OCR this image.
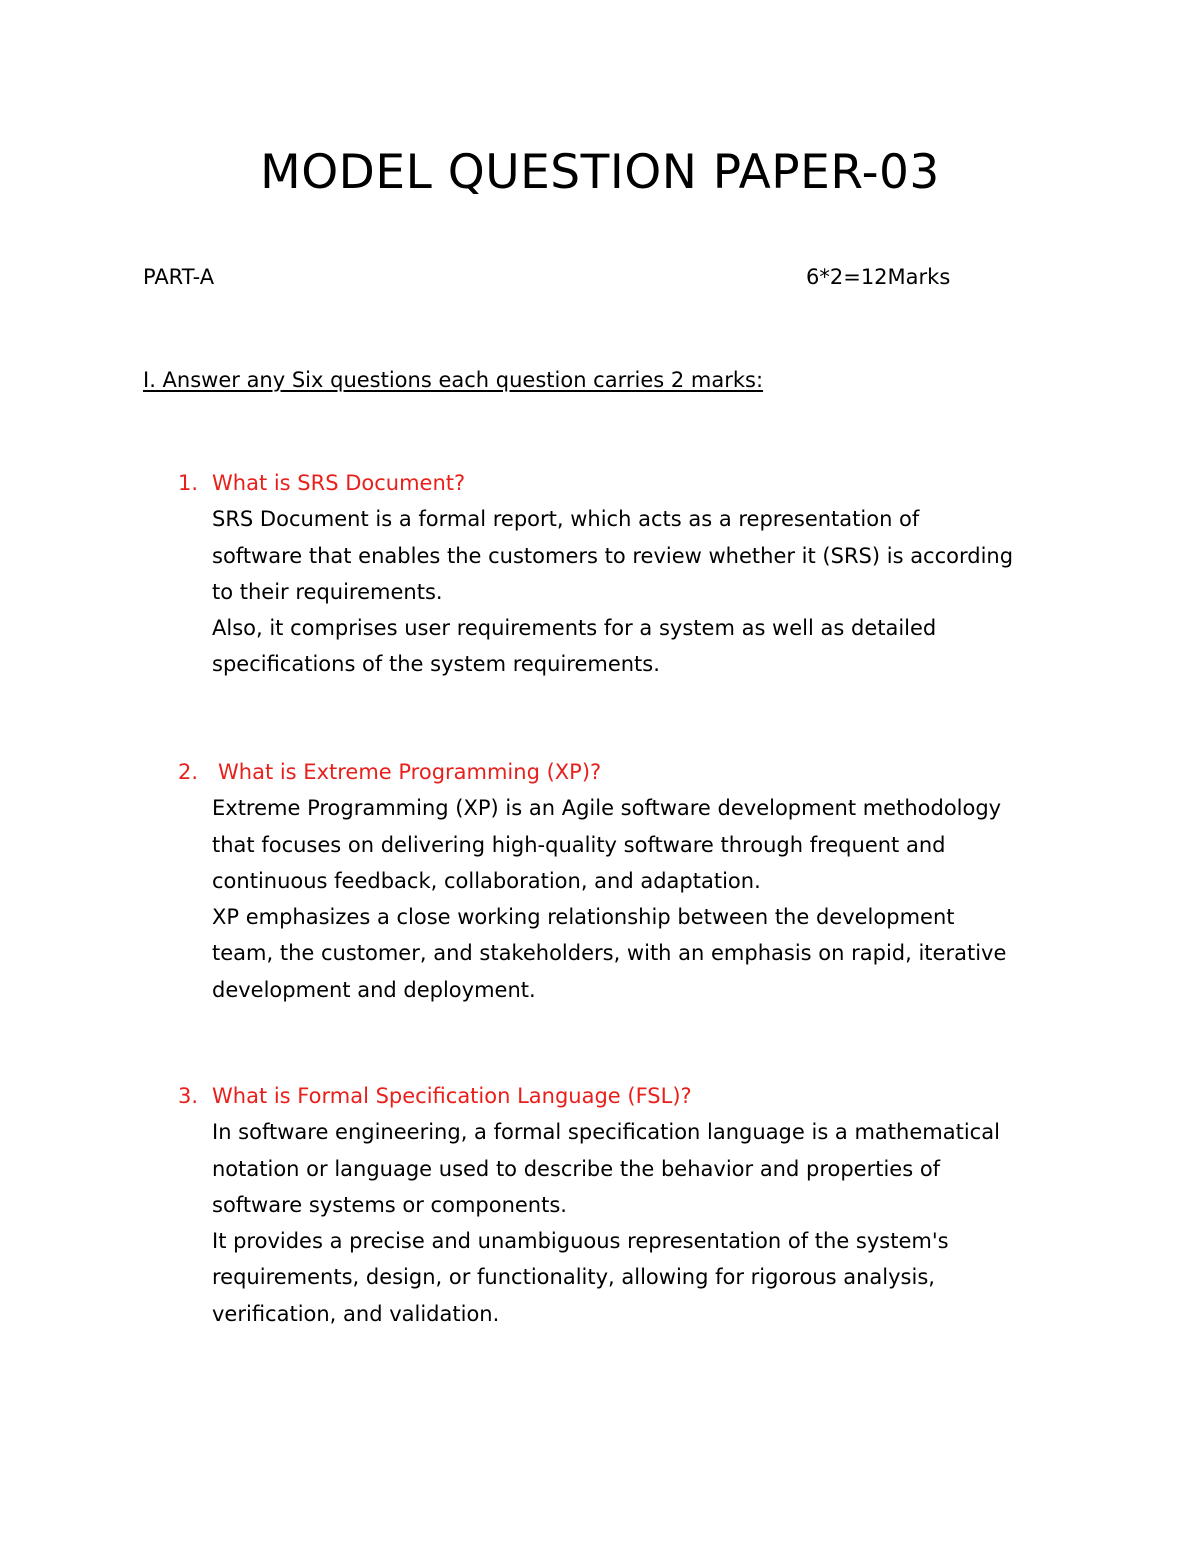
MODEL QUESTION PAPER-03
PART-A	6*2=12Marks
I. Answer any Six questions each question carries 2 marks:
1. What is SRS Document?

SRS Document is a formal report, which acts as a representation of

software that enables the customers to review whether it (SRS) is according

to their requirements.

Also, it comprises user requirements for a system as well as detailed

specifications of the system requirements.

2. What is Extreme Programming (XP)?

Extreme Programming (XP) is an Agile software development methodology

that focuses on delivering high-quality software through frequent and

continuous feedback, collaboration, and adaptation.

XP emphasizes a close working relationship between the development

team, the customer, and stakeholders, with an emphasis on rapid, iterative

development and deployment.

3. What is Formal Specification Language (FSL)?

In software engineering, a formal specification language is a mathematical

notation or language used to describe the behavior and properties of

software systems or components.

It provides a precise and unambiguous representation of the system's

requirements, design, or functionality, allowing for rigorous analysis,

verification, and validation.
